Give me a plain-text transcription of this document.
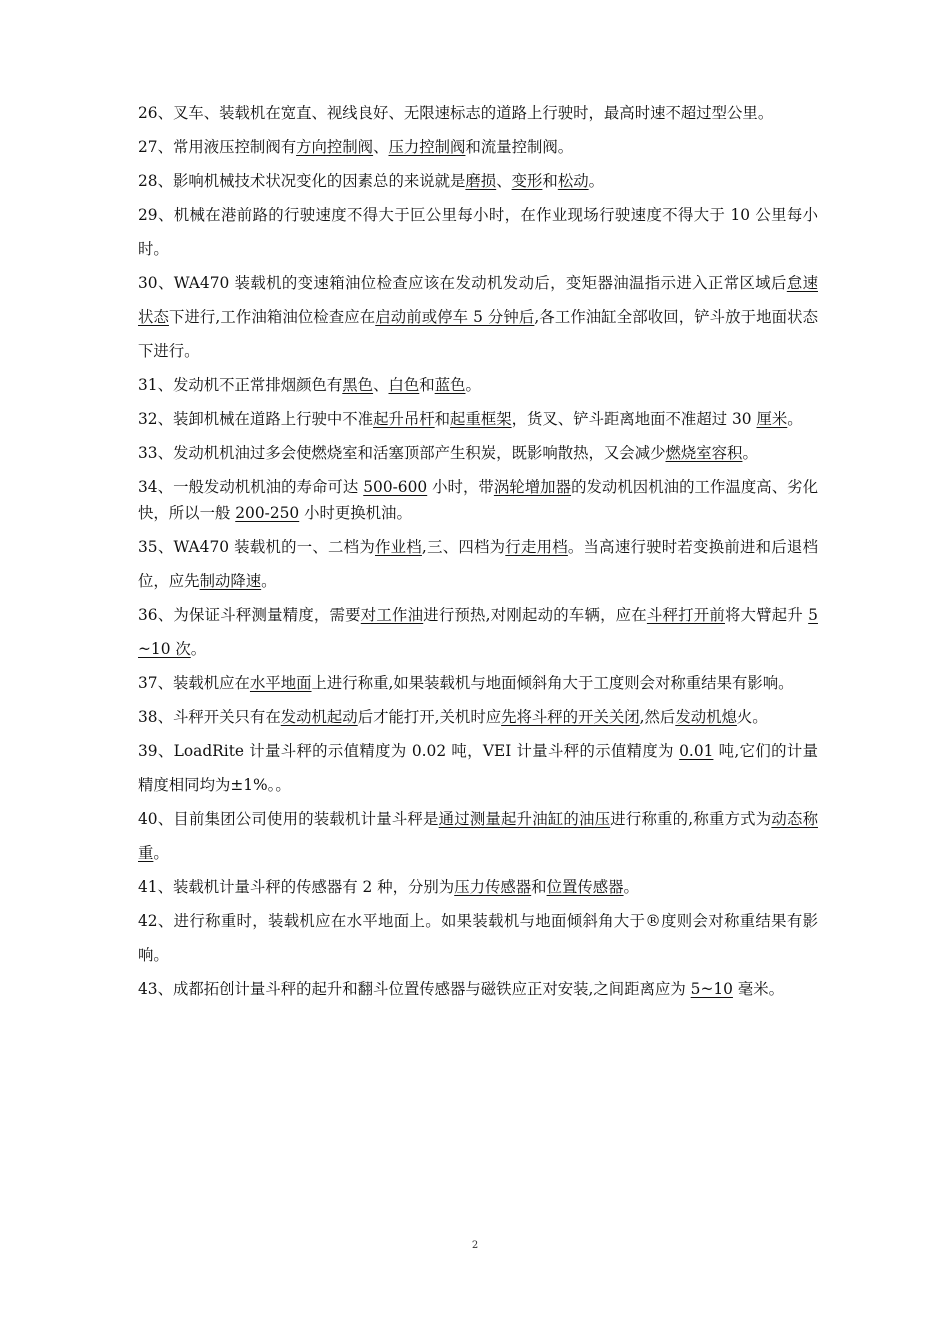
26、叉车、装载机在宽直、视线良好、无限速标志的道路上行驶时，最高时速不超过型公里。

27、常用液压控制阀有方向控制阀、压力控制阀和流量控制阀。

28、影响机械技术状况变化的因素总的来说就是磨损、变形和松动。

29、机械在港前路的行驶速度不得大于叵公里每小时，在作业现场行驶速度不得大于 10 公里每小时。

30、WA470 装载机的变速箱油位检查应该在发动机发动后，变矩器油温指示进入正常区域后怠速状态下进行,工作油箱油位检查应在启动前或停车 5 分钟后,各工作油缸全部收回，铲斗放于地面状态下进行。

31、发动机不正常排烟颜色有黑色、白色和蓝色。

32、装卸机械在道路上行驶中不准起升吊杆和起重框架，货叉、铲斗距离地面不准超过 30 厘米。

33、发动机机油过多会使燃烧室和活塞顶部产生积炭，既影响散热，又会减少燃烧室容积。

34、一般发动机机油的寿命可达 500-600 小时，带涡轮增加器的发动机因机油的工作温度高、劣化快，所以一般 200-250 小时更换机油。

35、WA470 装载机的一、二档为作业档,三、四档为行走用档。当高速行驶时若变换前进和后退档位，应先制动降速。

36、为保证斗秤测量精度，需要对工作油进行预热,对刚起动的车辆，应在斗秤打开前将大臂起升 5~10 次。

37、装载机应在水平地面上进行称重,如果装载机与地面倾斜角大于工度则会对称重结果有影响。

38、斗秤开关只有在发动机起动后才能打开,关机时应先将斗秤的开关关闭,然后发动机熄火。

39、LoadRite 计量斗秤的示值精度为 0.02 吨，VEI 计量斗秤的示值精度为 0.01 吨,它们的计量精度相同均为±1%。。

40、目前集团公司使用的装载机计量斗秤是通过测量起升油缸的油压进行称重的,称重方式为动态称重。

41、装载机计量斗秤的传感器有 2 种，分别为压力传感器和位置传感器。

42、进行称重时，装载机应在水平地面上。如果装载机与地面倾斜角大于®度则会对称重结果有影响。

43、成都拓创计量斗秤的起升和翻斗位置传感器与磁铁应正对安装,之间距离应为 5~10 毫米。

2
